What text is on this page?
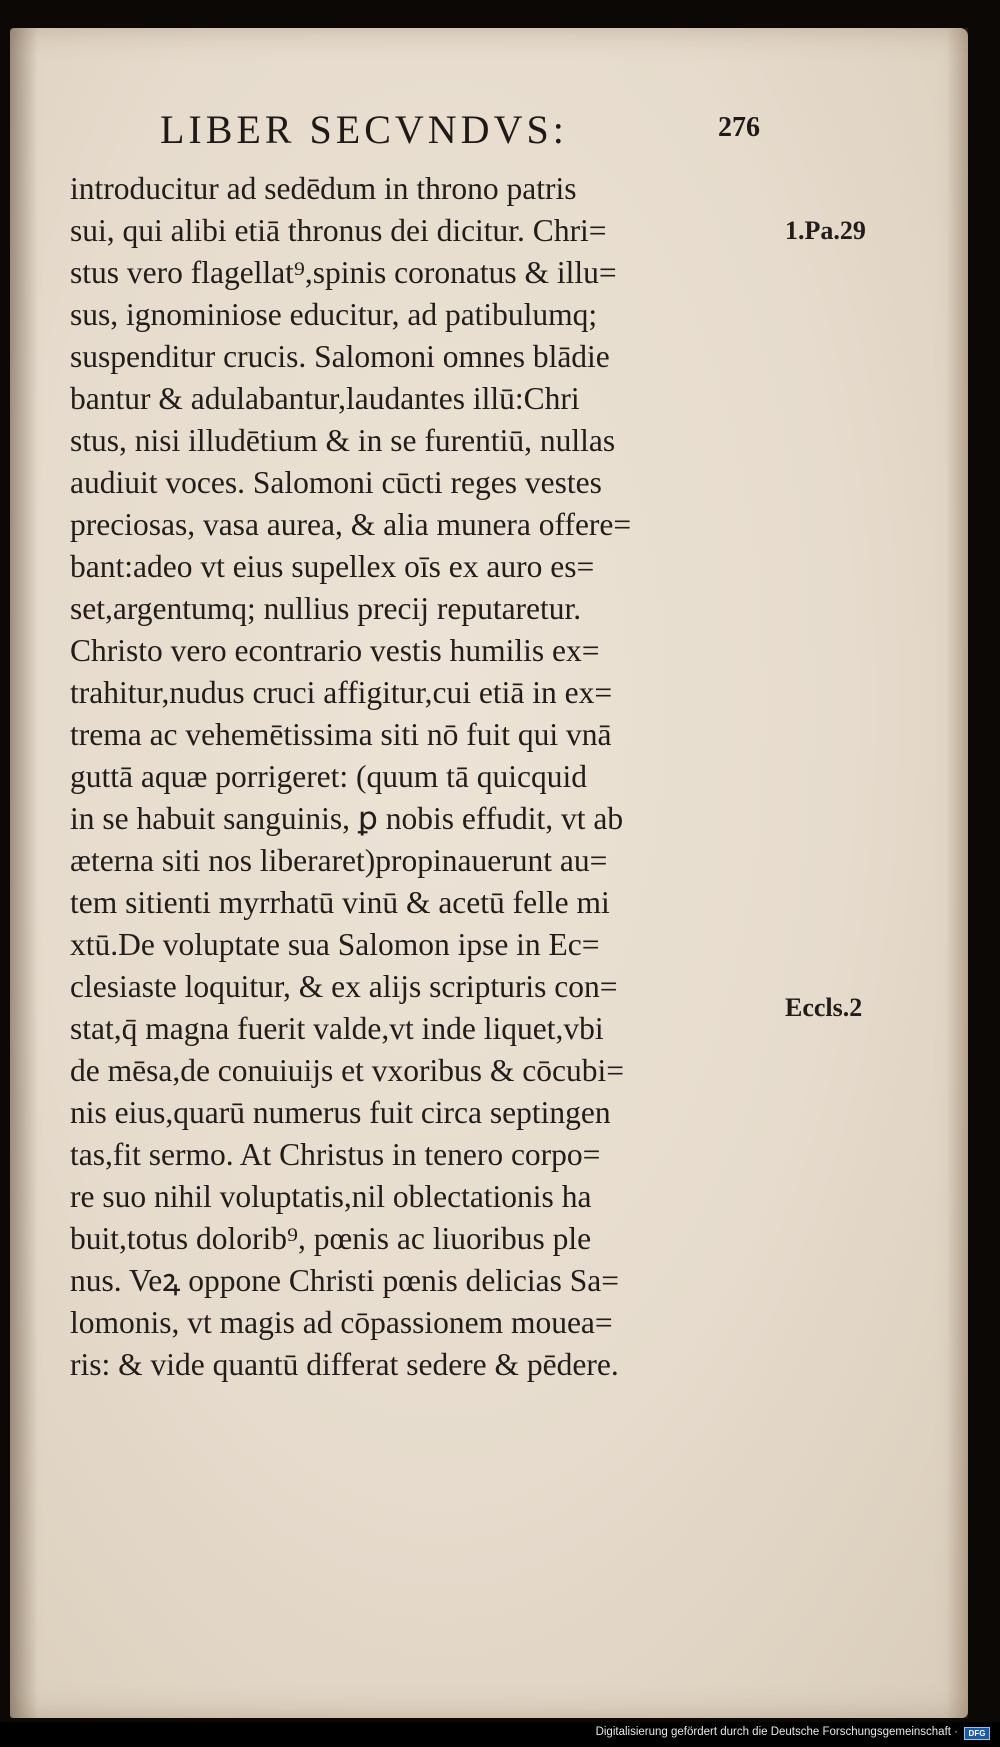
LIBER SECVNDVS:	276
introducitur ad sedēdum in throno patris
sui, qui alibi etiā thronus dei dicitur. Chri=
stus vero flagellat⁹,spinis coronatus & illu=
sus, ignominiose educitur, ad patibulumq;
suspenditur crucis. Salomoni omnes blādie
bantur & adulabantur,laudantes illū:Chri
stus, nisi illudētium & in se furentiū, nullas
audiuit voces. Salomoni cūcti reges vestes
preciosas, vasa aurea, & alia munera offere=
bant:adeo vt eius supellex oīs ex auro es=
set,argentumq; nullius precij reputaretur.
Christo vero econtrario vestis humilis ex=
trahitur,nudus cruci affigitur,cui etiā in ex=
trema ac vehemētissima siti nō fuit qui vnā
guttā aquæ porrigeret: (quum tā quicquid
in se habuit sanguinis, ꝑ nobis effudit, vt ab
æterna siti nos liberaret)propinauerunt au=
tem sitienti myrrhatū vinū & acetū felle mi
xtū.De voluptate sua Salomon ipse in Ec=
clesiaste loquitur, & ex alijs scripturis con=
stat,q̄ magna fuerit valde,vt inde liquet,vbi
de mēsa,de conuiuijs et vxoribus & cōcubi=
nis eius,quarū numerus fuit circa septingen
tas,fit sermo. At Christus in tenero corpo=
re suo nihil voluptatis,nil oblectationis ha
buit,totus dolorib⁹, pœnis ac liuoribus ple
nus. Veꝝ oppone Christi pœnis delicias Sa=
lomonis, vt magis ad cōpassionem mouea=
ris: & vide quantū differat sedere & pēdere.
1.Pa.29
Eccls.2
Digitalisierung gefördert durch die Deutsche Forschungsgemeinschaft ·	DFG
